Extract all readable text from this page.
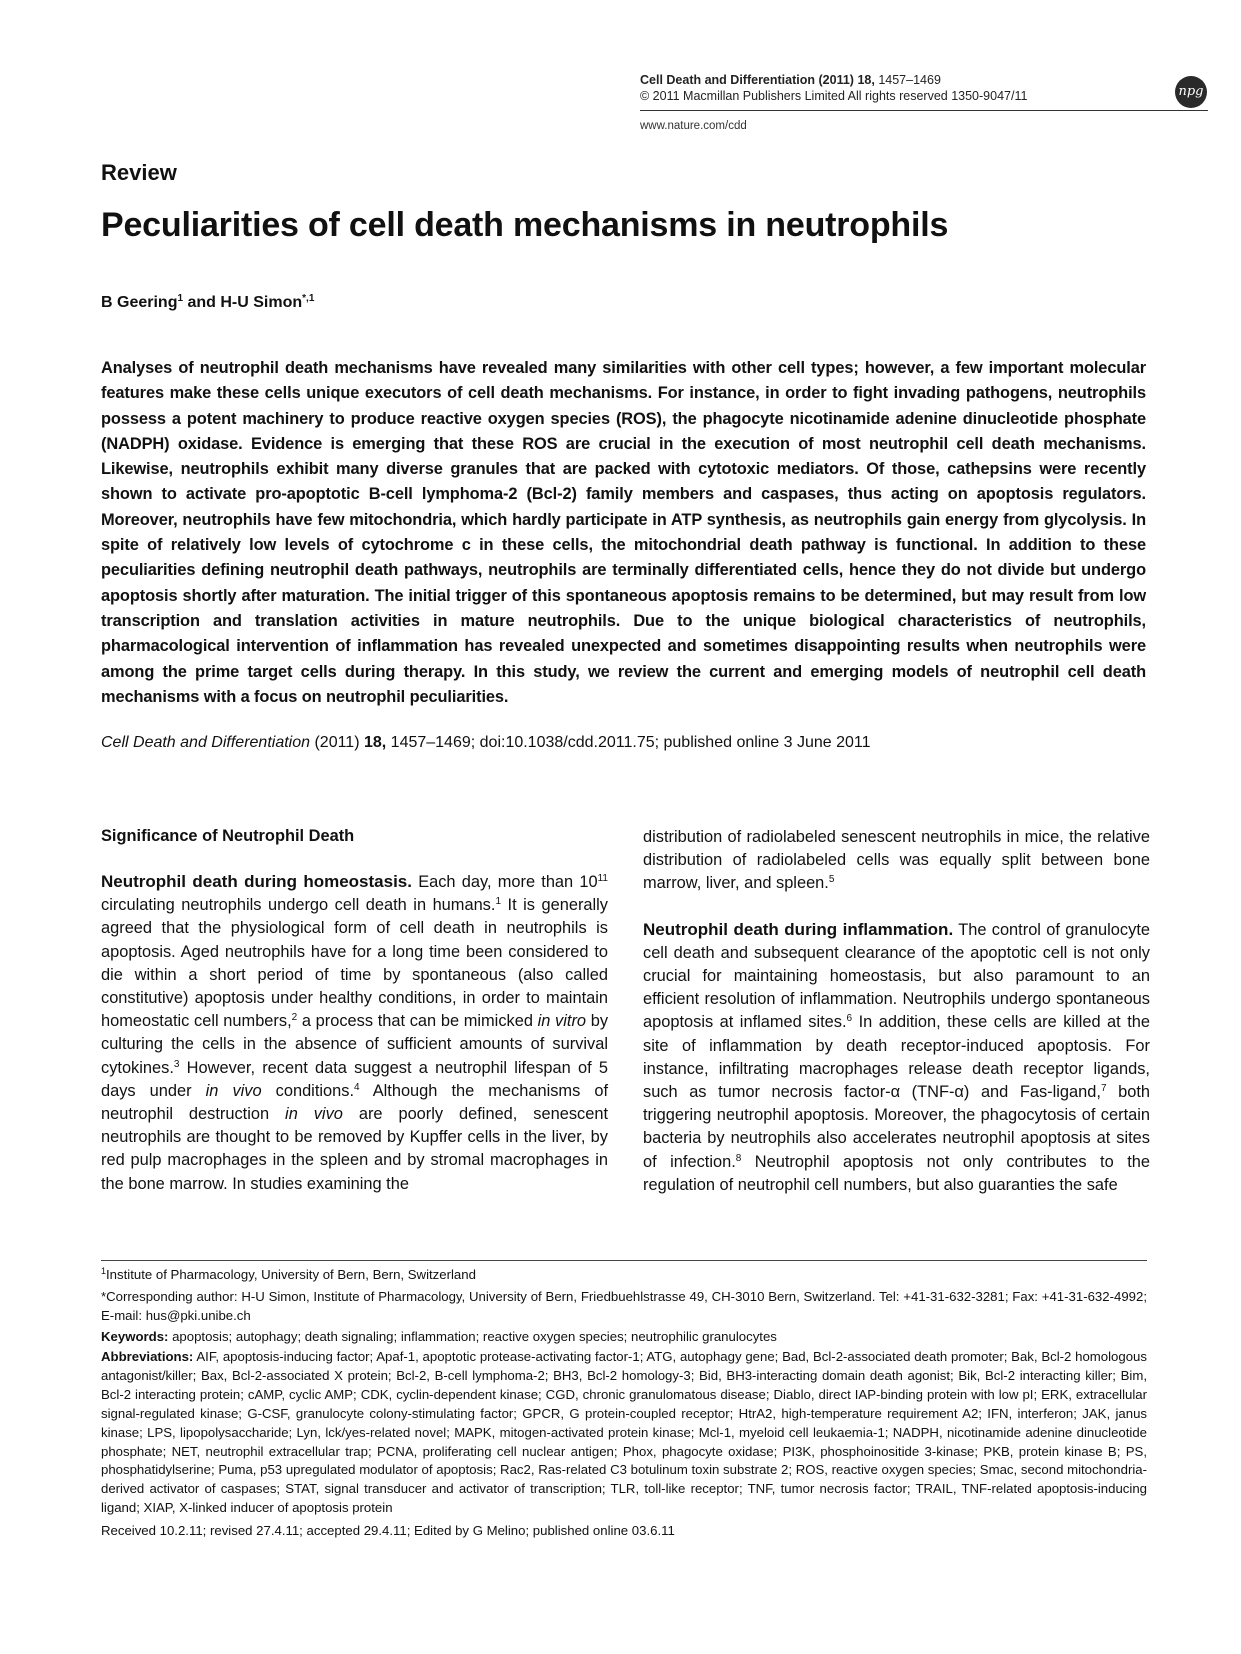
Cell Death and Differentiation (2011) 18, 1457–1469
© 2011 Macmillan Publishers Limited All rights reserved 1350-9047/11
www.nature.com/cdd
npg
Review
Peculiarities of cell death mechanisms in neutrophils
B Geering$^1$ and H-U Simon$^{*,1}$
Analyses of neutrophil death mechanisms have revealed many similarities with other cell types; however, a few important molecular features make these cells unique executors of cell death mechanisms. For instance, in order to fight invading pathogens, neutrophils possess a potent machinery to produce reactive oxygen species (ROS), the phagocyte nicotinamide adenine dinucleotide phosphate (NADPH) oxidase. Evidence is emerging that these ROS are crucial in the execution of most neutrophil cell death mechanisms. Likewise, neutrophils exhibit many diverse granules that are packed with cytotoxic mediators. Of those, cathepsins were recently shown to activate pro-apoptotic B-cell lymphoma-2 (Bcl-2) family members and caspases, thus acting on apoptosis regulators. Moreover, neutrophils have few mitochondria, which hardly participate in ATP synthesis, as neutrophils gain energy from glycolysis. In spite of relatively low levels of cytochrome c in these cells, the mitochondrial death pathway is functional. In addition to these peculiarities defining neutrophil death pathways, neutrophils are terminally differentiated cells, hence they do not divide but undergo apoptosis shortly after maturation. The initial trigger of this spontaneous apoptosis remains to be determined, but may result from low transcription and translation activities in mature neutrophils. Due to the unique biological characteristics of neutrophils, pharmacological intervention of inflammation has revealed unexpected and sometimes disappointing results when neutrophils were among the prime target cells during therapy. In this study, we review the current and emerging models of neutrophil cell death mechanisms with a focus on neutrophil peculiarities.
Cell Death and Differentiation (2011) 18, 1457–1469; doi:10.1038/cdd.2011.75; published online 3 June 2011
Significance of Neutrophil Death

Neutrophil death during homeostasis. Each day, more than $10^{11}$ circulating neutrophils undergo cell death in humans.$^1$ It is generally agreed that the physiological form of cell death in neutrophils is apoptosis. Aged neutrophils have for a long time been considered to die within a short period of time by spontaneous (also called constitutive) apoptosis under healthy conditions, in order to maintain homeostatic cell numbers,$^2$ a process that can be mimicked in vitro by culturing the cells in the absence of sufficient amounts of survival cytokines.$^3$ However, recent data suggest a neutrophil lifespan of 5 days under in vivo conditions.$^4$ Although the mechanisms of neutrophil destruction in vivo are poorly defined, senescent neutrophils are thought to be removed by Kupffer cells in the liver, by red pulp macrophages in the spleen and by stromal macrophages in the bone marrow. In studies examining the

distribution of radiolabeled senescent neutrophils in mice, the relative distribution of radiolabeled cells was equally split between bone marrow, liver, and spleen.$^5$

Neutrophil death during inflammation. The control of granulocyte cell death and subsequent clearance of the apoptotic cell is not only crucial for maintaining homeostasis, but also paramount to an efficient resolution of inflammation. Neutrophils undergo spontaneous apoptosis at inflamed sites.$^6$ In addition, these cells are killed at the site of inflammation by death receptor-induced apoptosis. For instance, infiltrating macrophages release death receptor ligands, such as tumor necrosis factor-α (TNF-α) and Fas-ligand,$^7$ both triggering neutrophil apoptosis. Moreover, the phagocytosis of certain bacteria by neutrophils also accelerates neutrophil apoptosis at sites of infection.$^8$ Neutrophil apoptosis not only contributes to the regulation of neutrophil cell numbers, but also guaranties the safe

$^1$Institute of Pharmacology, University of Bern, Bern, Switzerland
*Corresponding author: H-U Simon, Institute of Pharmacology, University of Bern, Friedbuehlstrasse 49, CH-3010 Bern, Switzerland. Tel: +41-31-632-3281; Fax: +41-31-632-4992; E-mail: hus@pki.unibe.ch
Keywords: apoptosis; autophagy; death signaling; inflammation; reactive oxygen species; neutrophilic granulocytes
Abbreviations: AIF, apoptosis-inducing factor; Apaf-1, apoptotic protease-activating factor-1; ATG, autophagy gene; Bad, Bcl-2-associated death promoter; Bak, Bcl-2 homologous antagonist/killer; Bax, Bcl-2-associated X protein; Bcl-2, B-cell lymphoma-2; BH3, Bcl-2 homology-3; Bid, BH3-interacting domain death agonist; Bik, Bcl-2 interacting killer; Bim, Bcl-2 interacting protein; cAMP, cyclic AMP; CDK, cyclin-dependent kinase; CGD, chronic granulomatous disease; Diablo, direct IAP-binding protein with low pI; ERK, extracellular signal-regulated kinase; G-CSF, granulocyte colony-stimulating factor; GPCR, G protein-coupled receptor; HtrA2, high-temperature requirement A2; IFN, interferon; JAK, janus kinase; LPS, lipopolysaccharide; Lyn, lck/yes-related novel; MAPK, mitogen-activated protein kinase; Mcl-1, myeloid cell leukaemia-1; NADPH, nicotinamide adenine dinucleotide phosphate; NET, neutrophil extracellular trap; PCNA, proliferating cell nuclear antigen; Phox, phagocyte oxidase; PI3K, phosphoinositide 3-kinase; PKB, protein kinase B; PS, phosphatidylserine; Puma, p53 upregulated modulator of apoptosis; Rac2, Ras-related C3 botulinum toxin substrate 2; ROS, reactive oxygen species; Smac, second mitochondria-derived activator of caspases; STAT, signal transducer and activator of transcription; TLR, toll-like receptor; TNF, tumor necrosis factor; TRAIL, TNF-related apoptosis-inducing ligand; XIAP, X-linked inducer of apoptosis protein
Received 10.2.11; revised 27.4.11; accepted 29.4.11; Edited by G Melino; published online 03.6.11
